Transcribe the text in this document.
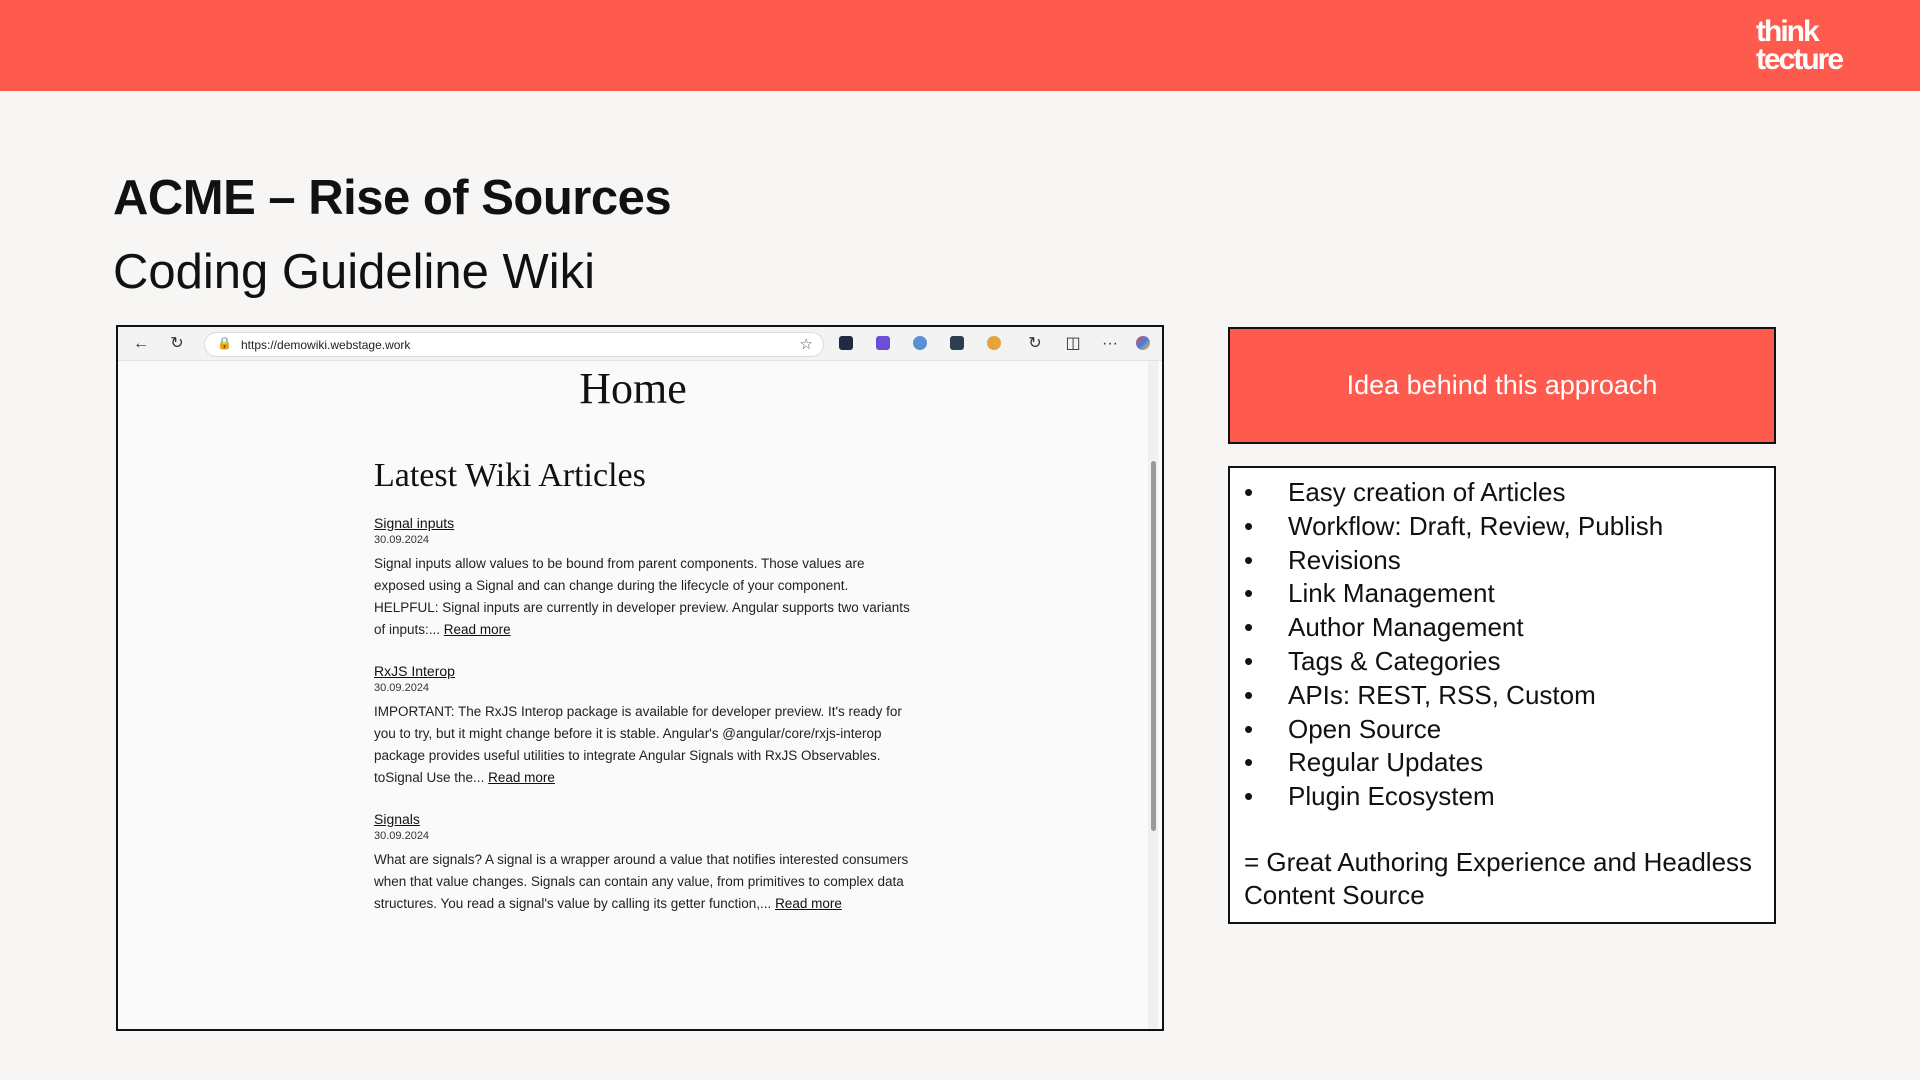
think
tecture
ACME – Rise of Sources
Coding Guideline Wiki
← ↻	🔒 https://demowiki.webstage.work	☆	↻ ◫ ···
Home
Latest Wiki Articles
Signal inputs
30.09.2024
Signal inputs allow values to be bound from parent components. Those values are exposed using a Signal and can change during the lifecycle of your component. HELPFUL: Signal inputs are currently in developer preview. Angular supports two variants of inputs:... Read more
RxJS Interop
30.09.2024
IMPORTANT: The RxJS Interop package is available for developer preview. It's ready for you to try, but it might change before it is stable. Angular's @angular/core/rxjs-interop package provides useful utilities to integrate Angular Signals with RxJS Observables. toSignal Use the... Read more
Signals
30.09.2024
What are signals? A signal is a wrapper around a value that notifies interested consumers when that value changes. Signals can contain any value, from primitives to complex data structures. You read a signal's value by calling its getter function,... Read more
Idea behind this approach
• Easy creation of Articles
• Workflow: Draft, Review, Publish
• Revisions
• Link Management
• Author Management
• Tags & Categories
• APIs: REST, RSS, Custom
• Open Source
• Regular Updates
• Plugin Ecosystem

= Great Authoring Experience and Headless Content Source
